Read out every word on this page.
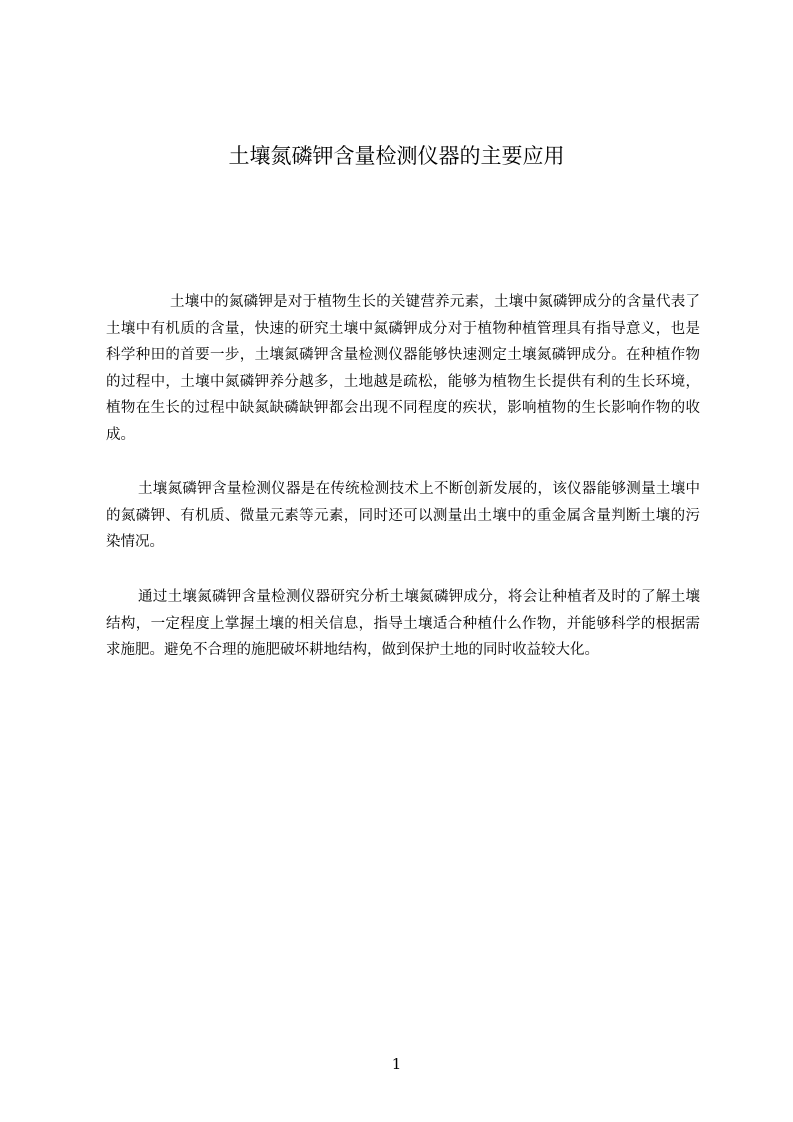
土壤氮磷钾含量检测仪器的主要应用

土壤中的氮磷钾是对于植物生长的关键营养元素，土壤中氮磷钾成分的含量代表了土壤中有机质的含量，快速的研究土壤中氮磷钾成分对于植物种植管理具有指导意义，也是科学种田的首要一步，土壤氮磷钾含量检测仪器能够快速测定土壤氮磷钾成分。在种植作物的过程中，土壤中氮磷钾养分越多，土地越是疏松，能够为植物生长提供有利的生长环境，植物在生长的过程中缺氮缺磷缺钾都会出现不同程度的疾状，影响植物的生长影响作物的收成。

土壤氮磷钾含量检测仪器是在传统检测技术上不断创新发展的，该仪器能够测量土壤中的氮磷钾、有机质、微量元素等元素，同时还可以测量出土壤中的重金属含量判断土壤的污染情况。

通过土壤氮磷钾含量检测仪器研究分析土壤氮磷钾成分，将会让种植者及时的了解土壤结构，一定程度上掌握土壤的相关信息，指导土壤适合种植什么作物，并能够科学的根据需求施肥。避免不合理的施肥破坏耕地结构，做到保护土地的同时收益较大化。

1
